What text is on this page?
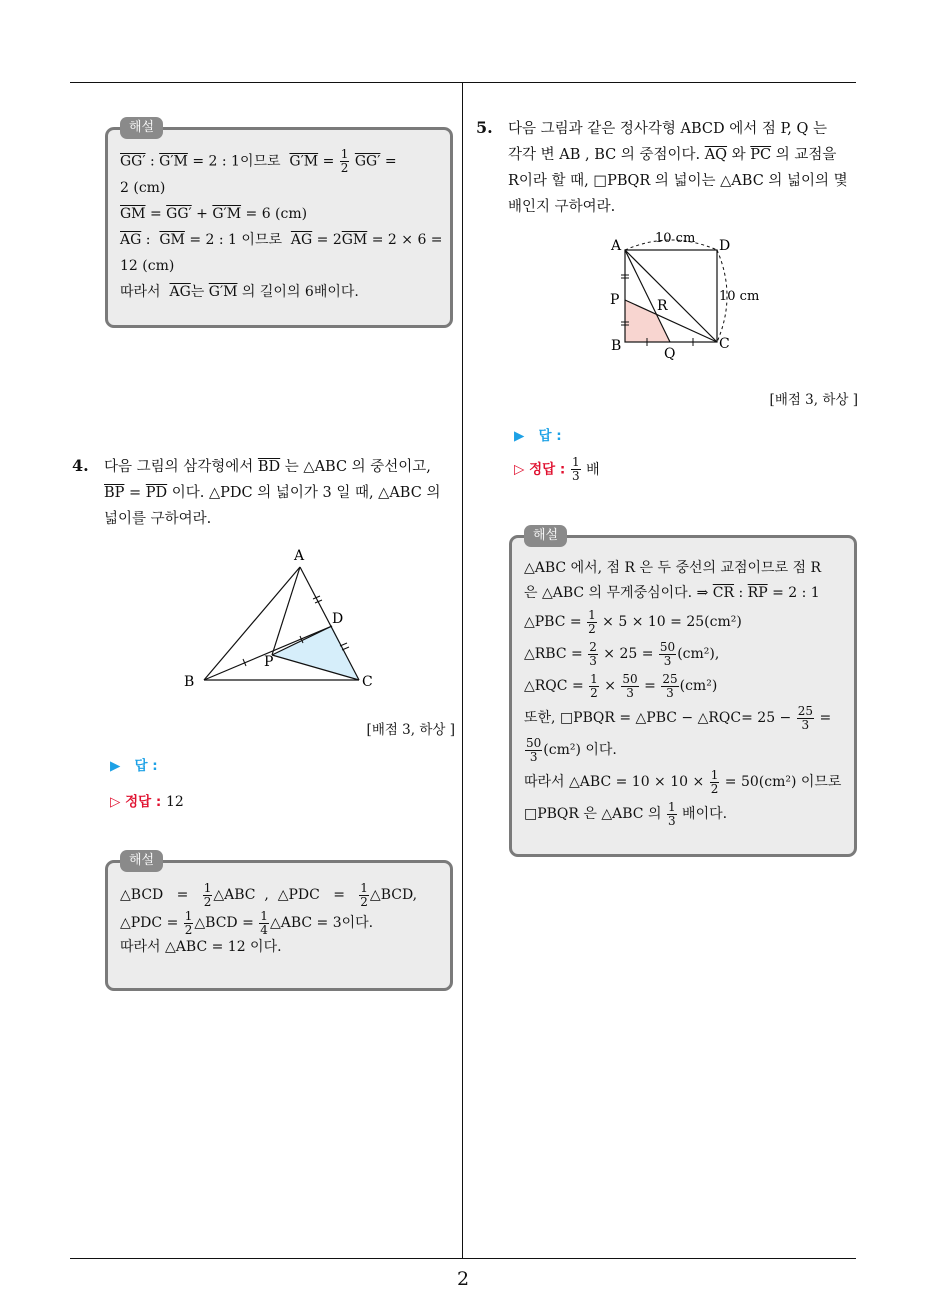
2
해설
GG′ : G′M = 2 : 1이므로  $G'M = \frac{1}{2} GG'$ =
2 (cm)
$\overline{GM} = GG' + G'M = 6$ (cm)
$\overline{AG}$ :  $\overline{GM} = 2$ : 1 이므로  $\overline{AG} = 2\overline{GM} = 2 \times 6$ =
12 (cm)
따라서  $\overline{AG}$는 G′M 의 길이의 6배이다.
4. 다음 그림의 삼각형에서 $\overline{BD}$ 는 △ABC 의 중선이고,
$\overline{BP} = \overline{PD}$ 이다. △PDC 의 넓이가 3 일 때, △ABC 의
넓이를 구하여라.
A
B	C
D
P
[배점 3, 하상 ]
▶ 답 :
▷ 정답 : 12
해설
△BCD   = $\frac{1}{2}$ △ABC  ,  △PDC   = $\frac{1}{2}$ △BCD,
△PDC = $\frac{1}{2}$ △BCD = $\frac{1}{4}$ △ABC = 3이다.
따라서 △ABC = 12 이다.
5. 다음 그림과 같은 정사각형 ABCD 에서 점 P, Q 는
각각 변 AB , BC 의 중점이다. $\overline{AQ}$ 와 $\overline{PC}$ 의 교점을
R이라 할 때, □PBQR 의 넓이는 △ABC 의 넓이의 몇
배인지 구하여라.
A	D
B	C
P
Q
R
10 cm
10 cm
[배점 3, 하상 ]
▶ 답 :
▷ 정답 : $\frac{1}{3}$ 배
해설
△ABC 에서, 점 R 은 두 중선의 교점이므로 점 R
은 △ABC 의 무게중심이다. ⇒ $\overline{CR}$ : $\overline{RP} = 2$ : 1
△PBC = $\frac{1}{2} \times 5 \times 10 = 25(cm^2)$
△RBC = $\frac{2}{3} \times 25 = \frac{50}{3} (cm^2)$,
△RQC = $\frac{1}{2} \times \frac{50}{3} = \frac{25}{3} (cm^2)$
또한, □PBQR = △PBC − △RQC= $25 - \frac{25}{3}$ =
$\frac{50}{3} (cm^2)$ 이다.
따라서 △ABC = $10 \times 10 \times \frac{1}{2} = 50(cm^2)$ 이므로
□PBQR 은 △ABC 의 $\frac{1}{3}$ 배이다.
